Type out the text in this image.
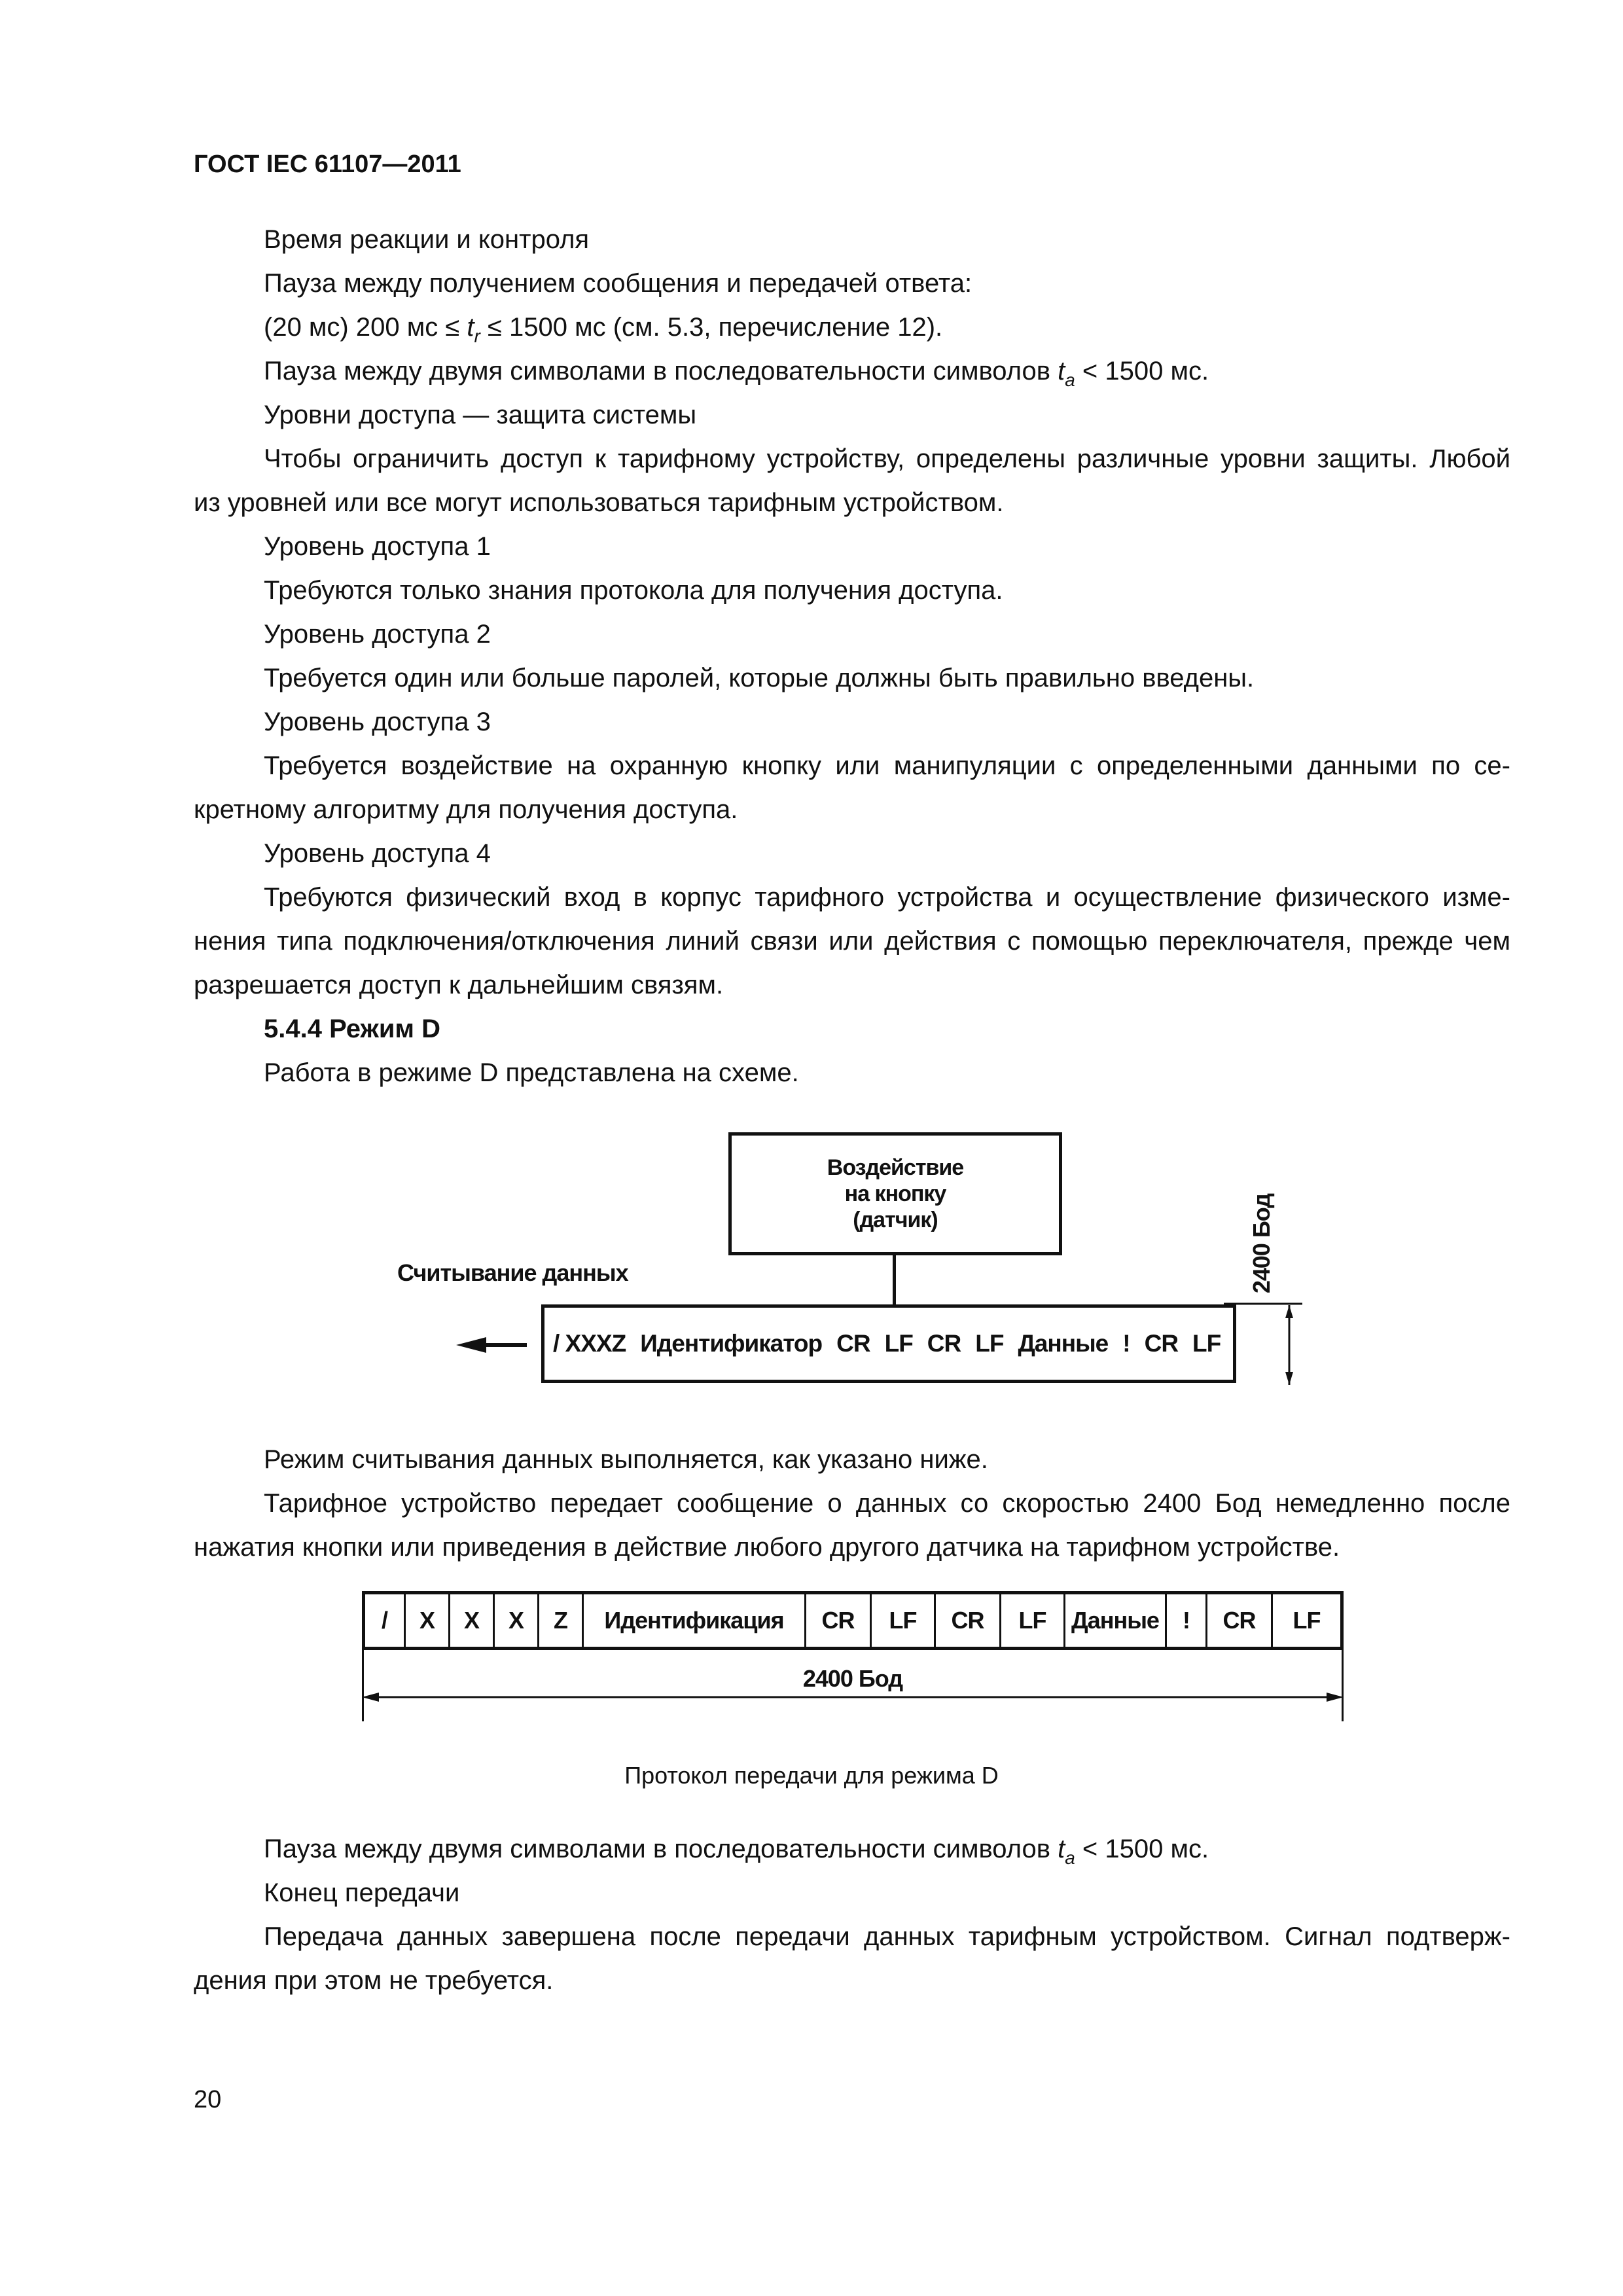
ГОСТ IEC 61107—2011
Время реакции и контроля
Пауза между получением сообщения и передачей ответа:
(20 мс) 200 мс ≤ $t_r \le 1500$ мс (см. 5.3, перечисление 12).
Пауза между двумя символами в последовательности символов $t_a < 1500$ мс.
Уровни доступа — защита системы
Чтобы ограничить доступ к тарифному устройству, определены различные уровни защиты. Любой
из уровней или все могут использоваться тарифным устройством.
Уровень доступа 1
Требуются только знания протокола для получения доступа.
Уровень доступа 2
Требуется один или больше паролей, которые должны быть правильно введены.
Уровень доступа 3
Требуется воздействие на охранную кнопку или манипуляции с определенными данными по се-
кретному алгоритму для получения доступа.
Уровень доступа 4
Требуются физический вход в корпус тарифного устройства и осуществление физического изме-
нения типа подключения/отключения линий связи или действия с помощью переключателя, прежде чем
разрешается доступ к дальнейшим связям.
5.4.4 Режим D
Работа в режиме D представлена на схеме.
Воздействие
на кнопку
(датчик)
Считывание данных
/ XXXZ Идентификатор CR LF CR LF Данные ! CR LF
2400 Бод
Режим считывания данных выполняется, как указано ниже.
Тарифное устройство передает сообщение о данных со скоростью 2400 Бод немедленно после
нажатия кнопки или приведения в действие любого другого датчика на тарифном устройстве.
/	X	X	X	Z	Идентификация	CR	LF	CR	LF	Данные	!	CR	LF
2400 Бод
Протокол передачи для режима D
Пауза между двумя символами в последовательности символов $t_a < 1500$ мс.
Конец передачи
Передача данных завершена после передачи данных тарифным устройством. Сигнал подтверж-
дения при этом не требуется.
20
